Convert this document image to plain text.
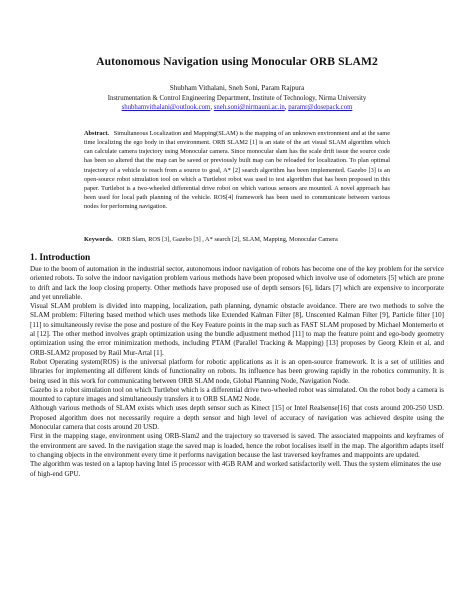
Autonomous Navigation using Monocular ORB SLAM2
Shubham Vithalani, Sneh Soni, Param Rajpura
Instrumentation & Control Engineering Department, Institute of Technology, Nirma University
shubhamvithalani@outlook.com, sneh.soni@nirmauni.ac.in, paramr@dosepack.com
Abstract. Simultaneous Localization and Mapping(SLAM) is the mapping of an unknown environment and at the same time localizing the ego body in that environment. ORB SLAM2 [1] is an state of the art visual SLAM algorithm which can calculate camera trajectory using Monocular camera. Since monocular slam has the scale drift issue the source code has been so altered that the map can be saved or previously built map can be reloaded for localization. To plan optimal trajectory of a vehicle to reach from a source to goal, A* [2] search algorithm has been implemented. Gazebo [3] is an open-source robot simulation tool on which a Turtlebot robot was used to test algorithm that has been proposed in this paper. Turtlebot is a two-wheeled differential drive robot on which various sensors are mounted. A novel approach has been used for local path planning of the vehicle. ROS[4] framework has been used to communicate between various nodes for performing navigation.
Keywords. ORB Slam, ROS [3], Gazebo [3] , A* search [2], SLAM, Mapping, Monocular Camera
1. Introduction

Due to the boom of automation in the industrial sector, autonomous indoor navigation of robots has become one of the key problem for the service oriented robots. To solve the indoor navigation problem various methods have been proposed which involve use of odometers [5] which are prone to drift and lack the loop closing property. Other methods have proposed use of depth sensors [6], lidars [7] which are expensive to incorporate and yet unreliable.

Visual SLAM problem is divided into mapping, localization, path planning, dynamic obstacle avoidance. There are two methods to solve the SLAM problem: Filtering based method which uses methods like Extended Kalman Filter [8], Unscented Kalman Filter [9], Particle filter [10] [11] to simultaneously revise the pose and posture of the Key Feature points in the map such as FAST SLAM proposed by Michael Montemerlo et al [12]. The other method involves graph optimization using the bundle adjustment method [11] to map the feature point and ego-body geometry optimization using the error minimization methods, including PTAM (Parallel Tracking & Mapping) [13] proposes by Georg Klein et al, and ORB-SLAM2 proposed by Raúl Mur-Artal [1].

Robot Operating system(ROS) is the universal platform for robotic applications as it is an open-source framework. It is a set of utilities and libraries for implementing all different kinds of functionality on robots. Its influence has been growing rapidly in the robotics community. It is being used in this work for communicating between ORB SLAM node, Global Planning Node, Navigation Node.

Gazebo is a robot simulation tool on which Turtlebot which is a differential drive two-wheeled robot was simulated. On the robot body a camera is mounted to capture images and simultaneously transfers it to ORB SLAM2 Node.

Although various methods of SLAM exists which uses depth sensor such as Kinect [15] or Intel Realsense[16] that costs around 200-250 USD. Proposed algorithm does not necessarily require a depth sensor and high level of accuracy of navigation was achieved despite using the Monocular camera that costs around 20 USD.

First in the mapping stage, environment using ORB-Slam2 and the trajectory so traversed is saved. The associated mappoints and keyframes of the environment are saved. In the navigation stage the saved map is loaded, hence the robot localises itself in the map. The algorithm adapts itself to changing objects in the environment every time it performs navigation because the last traversed keyframes and mappoints are updated.

The algorithm was tested on a laptop having Intel i5 processor with 4GB RAM and worked satisfactorily well. Thus the system eliminates the use of high-end GPU.
